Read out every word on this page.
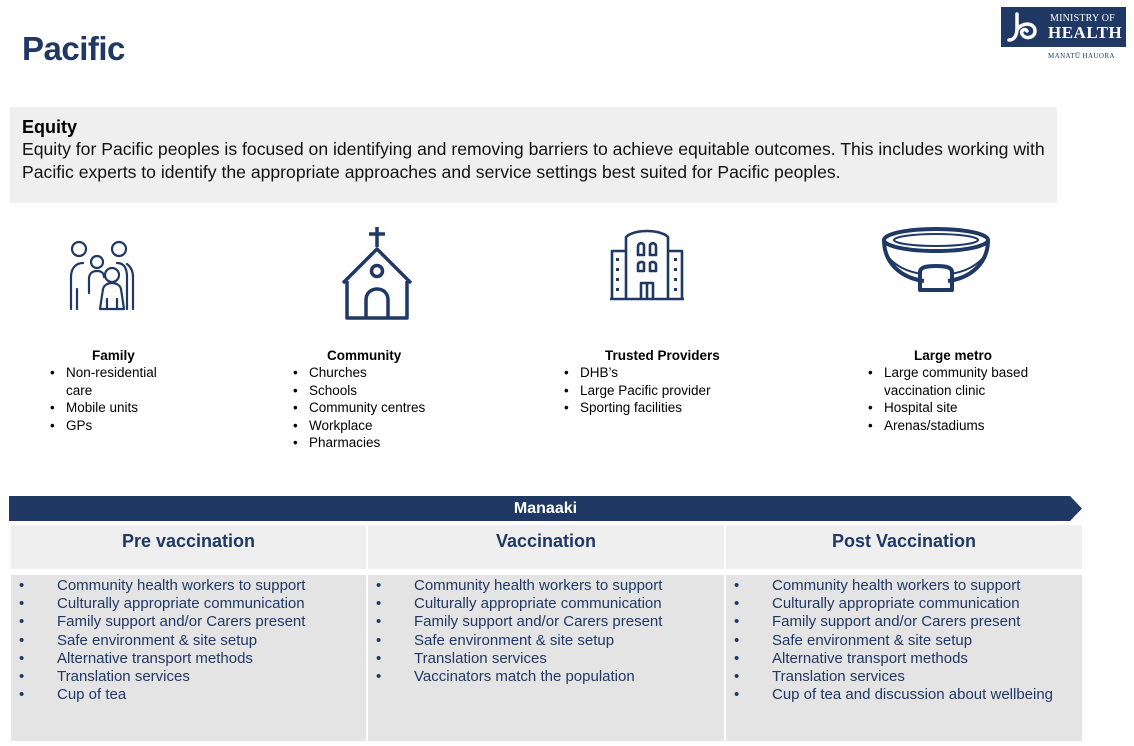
Pacific
MINISTRY OF
HEALTH
MANATŪ HAUORA
Equity

Equity for Pacific peoples is focused on identifying and removing barriers to achieve equitable outcomes. This includes working with Pacific experts to identify the appropriate approaches and service settings best suited for Pacific peoples.

Family
• Non-residential care
• Mobile units
• GPs
Community
• Churches
• Schools
• Community centres
• Workplace
• Pharmacies
Trusted Providers
• DHB’s
• Large Pacific provider
• Sporting facilities
Large metro
• Large community based vaccination clinic
• Hospital site
• Arenas/stadiums
Manaaki
Pre vaccination	Vaccination	Post Vaccination
• Community health workers to support
• Culturally appropriate communication
• Family support and/or Carers present
• Safe environment & site setup
• Alternative transport methods
• Translation services
• Cup of tea
• Community health workers to support
• Culturally appropriate communication
• Family support and/or Carers present
• Safe environment & site setup
• Translation services
• Vaccinators match the population
• Community health workers to support
• Culturally appropriate communication
• Family support and/or Carers present
• Safe environment & site setup
• Alternative transport methods
• Translation services
• Cup of tea and discussion about wellbeing
